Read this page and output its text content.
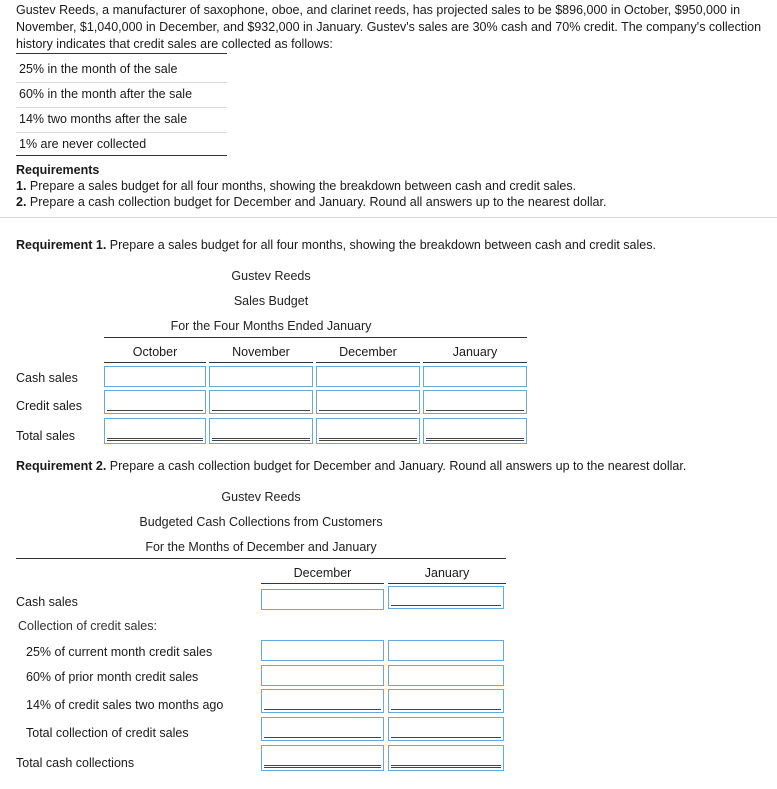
Gustev Reeds, a manufacturer of saxophone, oboe, and clarinet reeds, has projected sales to be $896,000 in October, $950,000 in November, $1,040,000 in December, and $932,000 in January. Gustev's sales are 30% cash and 70% credit. The company's collection history indicates that credit sales are collected as follows:
25% in the month of the sale
60% in the month after the sale
14% two months after the sale
1% are never collected
Requirements
1. Prepare a sales budget for all four months, showing the breakdown between cash and credit sales.
2. Prepare a cash collection budget for December and January. Round all answers up to the nearest dollar.
Requirement 1. Prepare a sales budget for all four months, showing the breakdown between cash and credit sales.
Gustev Reeds
Sales Budget
For the Four Months Ended January
October	November	December	January
Cash sales
Credit sales
Total sales
Requirement 2. Prepare a cash collection budget for December and January. Round all answers up to the nearest dollar.
Gustev Reeds
Budgeted Cash Collections from Customers
For the Months of December and January
December	January
Cash sales
Collection of credit sales:
25% of current month credit sales
60% of prior month credit sales
14% of credit sales two months ago
Total collection of credit sales
Total cash collections
